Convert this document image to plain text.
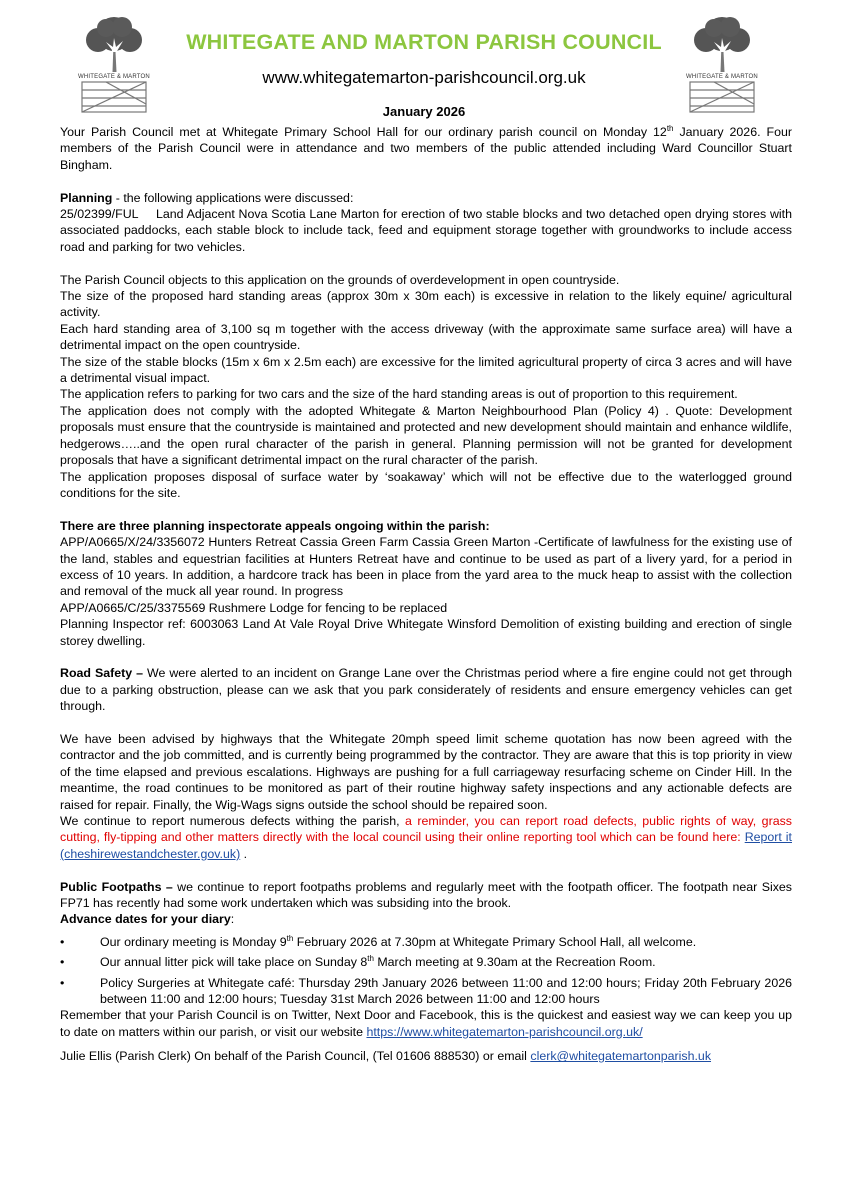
WHITEGATE & MARTON	WHITEGATE & MARTON
WHITEGATE AND MARTON PARISH COUNCIL
www.whitegatemarton-parishcouncil.org.uk
January 2026

Your Parish Council met at Whitegate Primary School Hall for our ordinary parish council on Monday 12th January 2026. Four members of the Parish Council were in attendance and two members of the public attended including Ward Councillor Stuart Bingham.

Planning - the following applications were discussed:

25/02399/FUL Land Adjacent Nova Scotia Lane Marton for erection of two stable blocks and two detached open drying stores with associated paddocks, each stable block to include tack, feed and equipment storage together with groundworks to include access road and parking for two vehicles.

The Parish Council objects to this application on the grounds of overdevelopment in open countryside.

The size of the proposed hard standing areas (approx 30m x 30m each) is excessive in relation to the likely equine/ agricultural activity.

Each hard standing area of 3,100 sq m together with the access driveway (with the approximate same surface area) will have a detrimental impact on the open countryside.

The size of the stable blocks (15m x 6m x 2.5m each) are excessive for the limited agricultural property of circa 3 acres and will have a detrimental visual impact.

The application refers to parking for two cars and the size of the hard standing areas is out of proportion to this requirement.

The application does not comply with the adopted Whitegate & Marton Neighbourhood Plan (Policy 4) . Quote: Development proposals must ensure that the countryside is maintained and protected and new development should maintain and enhance wildlife, hedgerows…..and the open rural character of the parish in general. Planning permission will not be granted for development proposals that have a significant detrimental impact on the rural character of the parish.

The application proposes disposal of surface water by ‘soakaway’ which will not be effective due to the waterlogged ground conditions for the site.

There are three planning inspectorate appeals ongoing within the parish:

APP/A0665/X/24/3356072 Hunters Retreat Cassia Green Farm Cassia Green Marton -Certificate of lawfulness for the existing use of the land, stables and equestrian facilities at Hunters Retreat have and continue to be used as part of a livery yard, for a period in excess of 10 years. In addition, a hardcore track has been in place from the yard area to the muck heap to assist with the collection and removal of the muck all year round. In progress

APP/A0665/C/25/3375569 Rushmere Lodge for fencing to be replaced

Planning Inspector ref: 6003063 Land At Vale Royal Drive Whitegate Winsford Demolition of existing building and erection of single storey dwelling.

Road Safety – We were alerted to an incident on Grange Lane over the Christmas period where a fire engine could not get through due to a parking obstruction, please can we ask that you park considerately of residents and ensure emergency vehicles can get through.

We have been advised by highways that the Whitegate 20mph speed limit scheme quotation has now been agreed with the contractor and the job committed, and is currently being programmed by the contractor. They are aware that this is top priority in view of the time elapsed and previous escalations. Highways are pushing for a full carriageway resurfacing scheme on Cinder Hill. In the meantime, the road continues to be monitored as part of their routine highway safety inspections and any actionable defects are raised for repair. Finally, the Wig-Wags signs outside the school should be repaired soon.

We continue to report numerous defects withing the parish, a reminder, you can report road defects, public rights of way, grass cutting, fly-tipping and other matters directly with the local council using their online reporting tool which can be found here: Report it (cheshirewestandchester.gov.uk) .

Public Footpaths – we continue to report footpaths problems and regularly meet with the footpath officer. The footpath near Sixes FP71 has recently had some work undertaken which was subsiding into the brook.

Advance dates for your diary:

•	Our ordinary meeting is Monday 9th February 2026 at 7.30pm at Whitegate Primary School Hall, all welcome.
•	Our annual litter pick will take place on Sunday 8th March meeting at 9.30am at the Recreation Room.
•	Policy Surgeries at Whitegate café: Thursday 29th January 2026 between 11:00 and 12:00 hours; Friday 20th February 2026 between 11:00 and 12:00 hours; Tuesday 31st March 2026 between 11:00 and 12:00 hours

Remember that your Parish Council is on Twitter, Next Door and Facebook, this is the quickest and easiest way we can keep you up to date on matters within our parish, or visit our website https://www.whitegatemarton-parishcouncil.org.uk/

Julie Ellis (Parish Clerk) On behalf of the Parish Council, (Tel 01606 888530) or email clerk@whitegatemartonparish.uk
